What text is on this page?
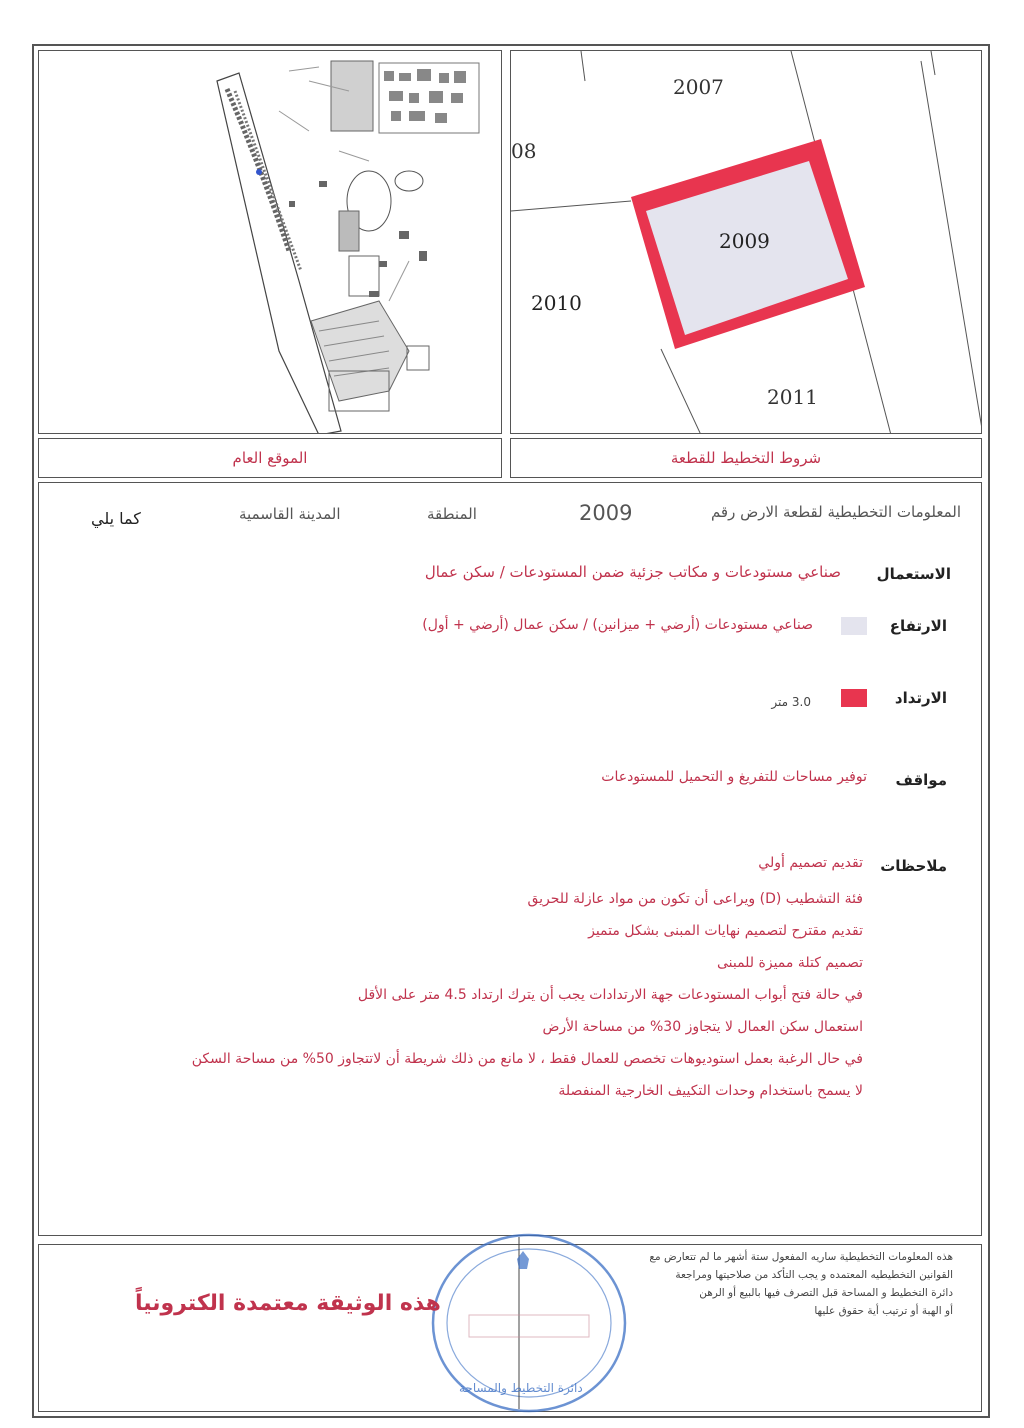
الموقع العام
2007
08
2009
2010
2011
شروط التخطيط للقطعة
المعلومات التخطيطية لقطعة الارض رقم
2009
المنطقة
المدينة القاسمية
كما يلي
الاستعمال
صناعي مستودعات و مكاتب جزئية ضمن المستودعات / سكن عمال
الارتفاع
صناعي مستودعات (أرضي + ميزانين) / سكن عمال (أرضي + أول)
الارتداد
3.0 متر
مواقف
توفير مساحات للتفريغ و التحميل للمستودعات
ملاحظات
تقديم تصميم أولي
فئة التشطيب (D) ويراعى أن تكون من مواد عازلة للحريق
تقديم مقترح لتصميم نهايات المبنى بشكل متميز
تصميم كتلة مميزة للمبنى
في حالة فتح أبواب المستودعات جهة الارتدادات يجب أن يترك ارتداد 4.5 متر على الأقل
استعمال سكن العمال لا يتجاوز 30% من مساحة الأرض
في حال الرغبة بعمل استوديوهات تخصص للعمال فقط ، لا مانع من ذلك شريطة أن لاتتجاوز 50% من مساحة السكن
لا يسمح باستخدام وحدات التكييف الخارجية المنفصلة
هذه المعلومات التخطيطية ساريه المفعول ستة أشهر ما لم تتعارض مع
القوانين التخطيطيه المعتمده و يجب التأكد من صلاحيتها ومراجعة
دائرة التخطيط و المساحة قبل التصرف فيها بالبيع أو الرهن
أو الهبة أو ترتيب أية حقوق عليها
دائرة التخطيط والمساحة
هذه الوثيقة معتمدة الكترونياً
